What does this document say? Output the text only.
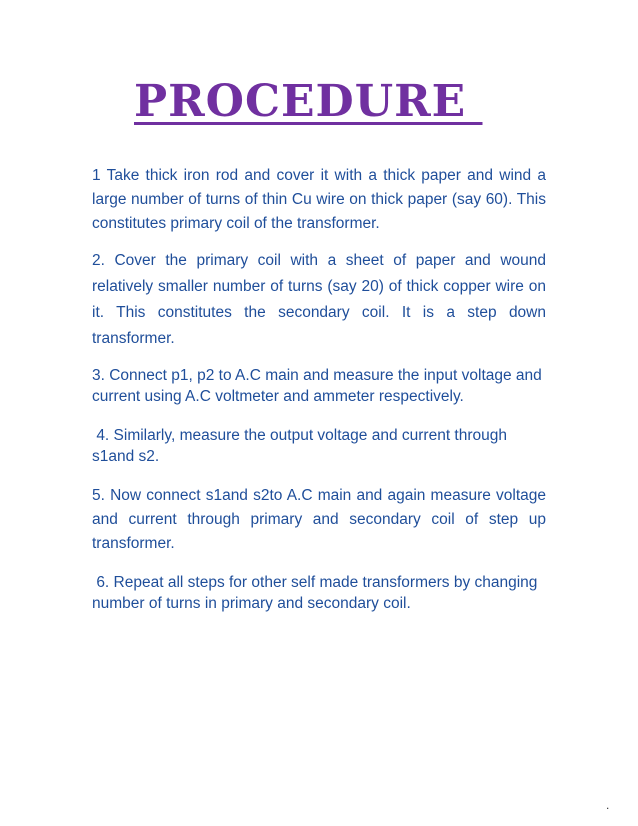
PROCEDURE

1 Take thick iron rod and cover it with a thick paper and wind a large number of turns of thin Cu wire on thick paper (say 60). This constitutes primary coil of the transformer.

2. Cover the primary coil with a sheet of paper and wound relatively smaller number of turns (say 20) of thick copper wire on it. This constitutes the secondary coil. It is a step down transformer.

3. Connect p1, p2 to A.C main and measure the input voltage and current using A.C voltmeter and ammeter respectively.

4. Similarly, measure the output voltage and current through s1and s2.

5. Now connect s1and s2to A.C main and again measure voltage and current through primary and secondary coil of step up transformer.

6. Repeat all steps for other self made transformers by changing number of turns in primary and secondary coil.

.
